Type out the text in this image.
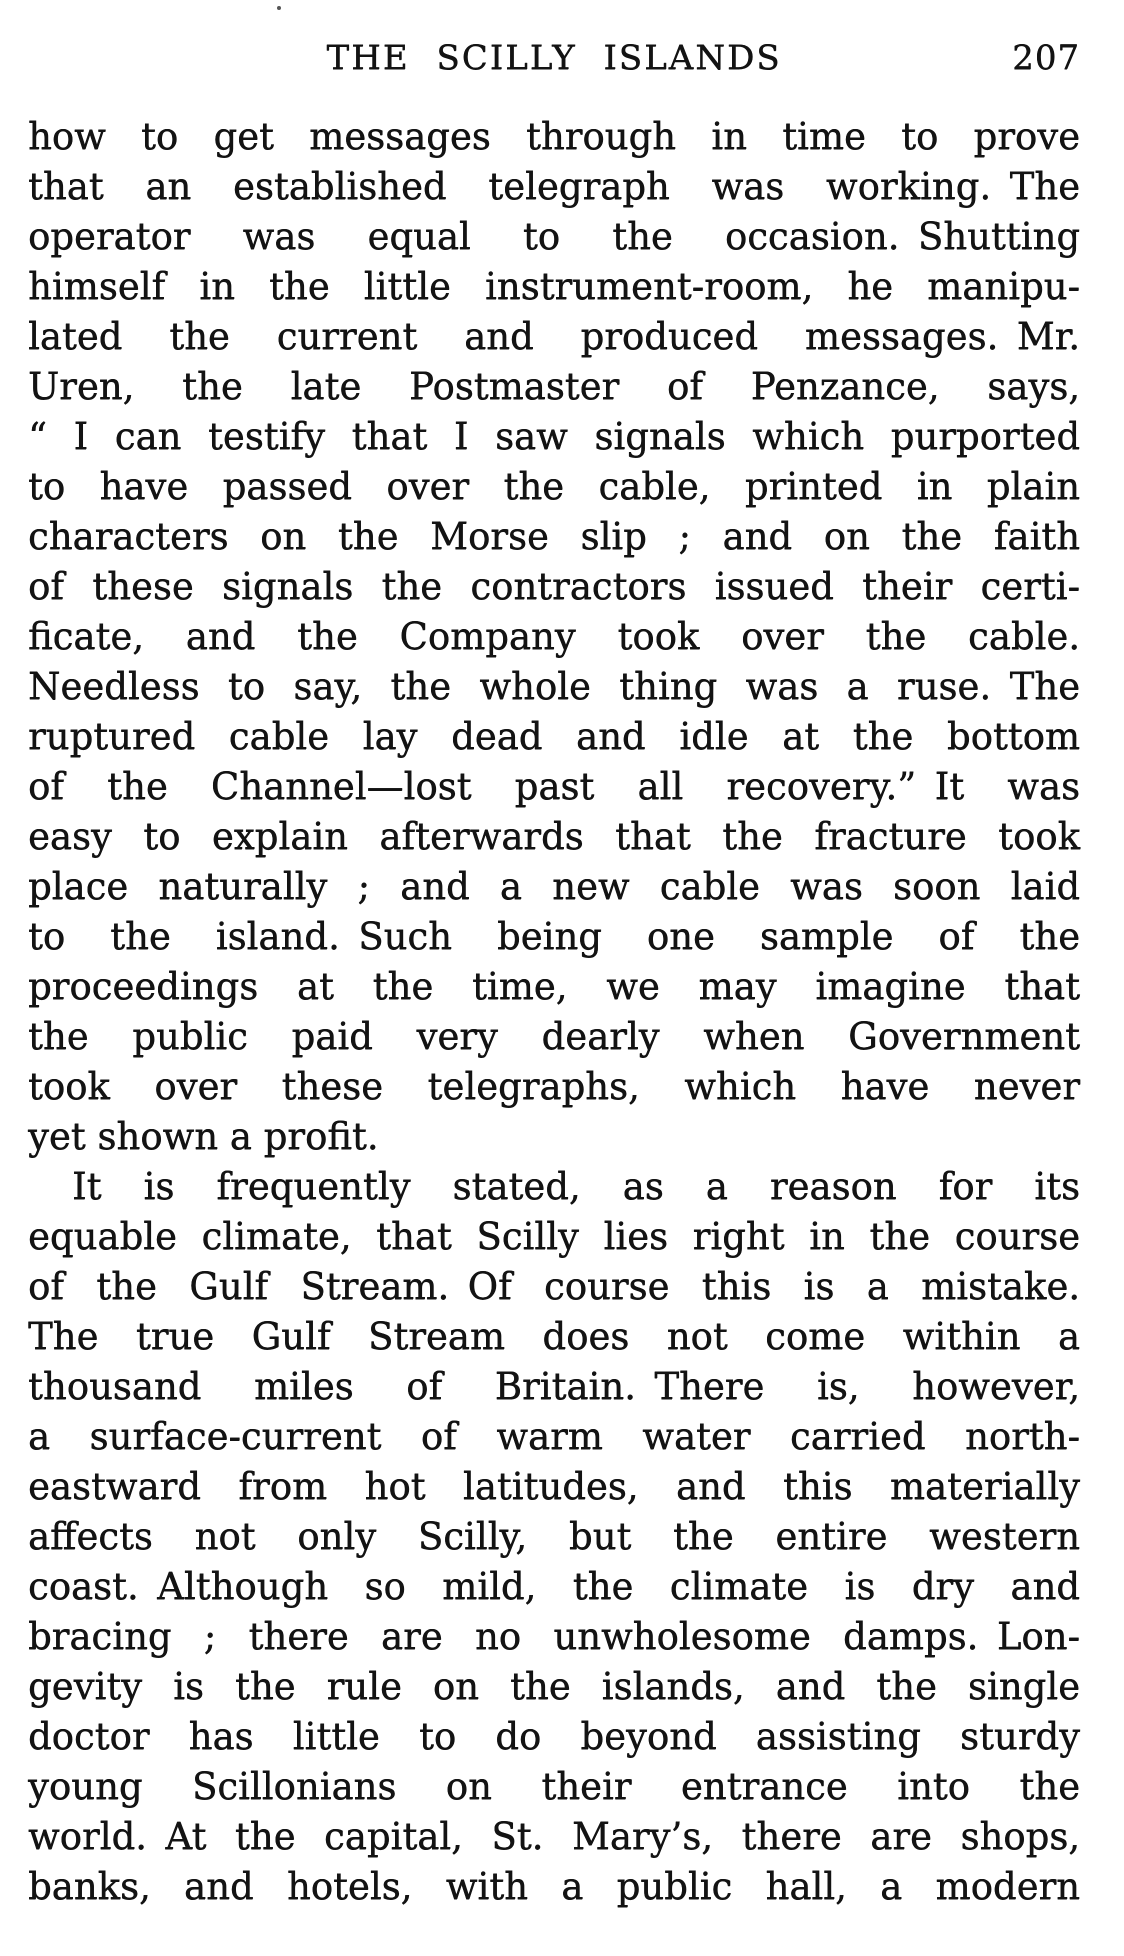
THE SCILLY ISLANDS	207
how to get messages through in time to prove
that an established telegraph was working. The
operator was equal to the occasion. Shutting
himself in the little instrument-room, he manipu-
lated the current and produced messages. Mr.
Uren, the late Postmaster of Penzance, says,
“ I can testify that I saw signals which purported
to have passed over the cable, printed in plain
characters on the Morse slip ; and on the faith
of these signals the contractors issued their certi-
ficate, and the Company took over the cable.
Needless to say, the whole thing was a ruse. The
ruptured cable lay dead and idle at the bottom
of the Channel—lost past all recovery.” It was
easy to explain afterwards that the fracture took
place naturally ; and a new cable was soon laid
to the island. Such being one sample of the
proceedings at the time, we may imagine that
the public paid very dearly when Government
took over these telegraphs, which have never
yet shown a profit.
It is frequently stated, as a reason for its
equable climate, that Scilly lies right in the course
of the Gulf Stream. Of course this is a mistake.
The true Gulf Stream does not come within a
thousand miles of Britain. There is, however,
a surface-current of warm water carried north-
eastward from hot latitudes, and this materially
affects not only Scilly, but the entire western
coast. Although so mild, the climate is dry and
bracing ; there are no unwholesome damps. Lon-
gevity is the rule on the islands, and the single
doctor has little to do beyond assisting sturdy
young Scillonians on their entrance into the
world. At the capital, St. Mary’s, there are shops,
banks, and hotels, with a public hall, a modern
